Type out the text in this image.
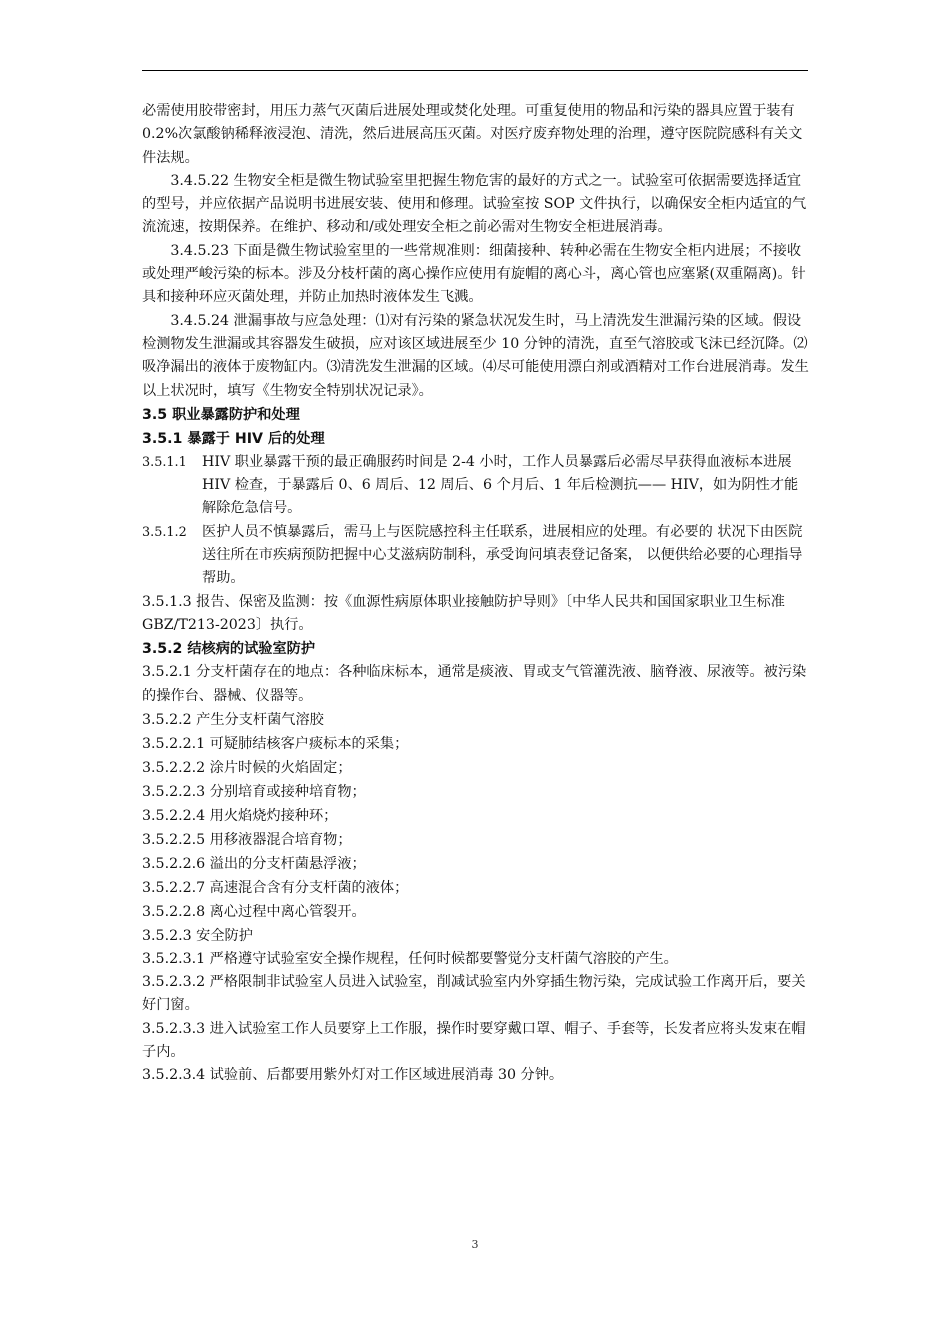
必需使用胶带密封，用压力蒸气灭菌后进展处理或焚化处理。可重复使用的物品和污染的器具应置于装有 0.2%次氯酸钠稀释液浸泡、清洗，然后进展高压灭菌。对医疗废弃物处理的治理，遵守医院院感科有关文件法规。

3.4.5.22 生物安全柜是微生物试验室里把握生物危害的最好的方式之一。试验室可依据需要选择适宜的型号，并应依据产品说明书进展安装、使用和修理。试验室按 SOP 文件执行，以确保安全柜内适宜的气流流速，按期保养。在维护、移动和/或处理安全柜之前必需对生物安全柜进展消毒。

3.4.5.23 下面是微生物试验室里的一些常规准则：细菌接种、转种必需在生物安全柜内进展；不接收或处理严峻污染的标本。涉及分枝杆菌的离心操作应使用有旋帽的离心斗，离心管也应塞紧(双重隔离)。针具和接种环应灭菌处理，并防止加热时液体发生飞溅。

3.4.5.24 泄漏事故与应急处理：⑴对有污染的紧急状况发生时，马上清洗发生泄漏污染的区域。假设检测物发生泄漏或其容器发生破损，应对该区域进展至少 10 分钟的清洗，直至气溶胶或飞沫已经沉降。⑵吸净漏出的液体于废物缸内。⑶清洗发生泄漏的区域。⑷尽可能使用漂白剂或酒精对工作台进展消毒。发生以上状况时，填写《生物安全特别状况记录》。

3.5 职业暴露防护和处理

3.5.1 暴露于 HIV 后的处理

3.5.1.1	HIV 职业暴露干预的最正确服药时间是 2-4 小时，工作人员暴露后必需尽早获得血液标本进展 HIV 检查，于暴露后 0、6 周后、12 周后、6 个月后、1 年后检测抗—— HIV，如为阴性才能解除危急信号。
3.5.1.2	医护人员不慎暴露后，需马上与医院感控科主任联系，进展相应的处理。有必要的 状况下由医院送往所在市疾病预防把握中心艾滋病防制科，承受询问填表登记备案， 以便供给必要的心理指导帮助。

3.5.1.3 报告、保密及监测：按《血源性病原体职业接触防护导则》〔中华人民共和国国家职业卫生标准 GBZ/T213-2023〕执行。

3.5.2 结核病的试验室防护

3.5.2.1 分支杆菌存在的地点：各种临床标本，通常是痰液、胃或支气管灌洗液、脑脊液、尿液等。被污染的操作台、器械、仪器等。

3.5.2.2 产生分支杆菌气溶胶

3.5.2.2.1 可疑肺结核客户痰标本的采集；

3.5.2.2.2 涂片时候的火焰固定；

3.5.2.2.3 分别培育或接种培育物；

3.5.2.2.4 用火焰烧灼接种环；

3.5.2.2.5 用移液器混合培育物；

3.5.2.2.6 溢出的分支杆菌悬浮液；

3.5.2.2.7 高速混合含有分支杆菌的液体；

3.5.2.2.8 离心过程中离心管裂开。

3.5.2.3 安全防护

3.5.2.3.1 严格遵守试验室安全操作规程，任何时候都要警觉分支杆菌气溶胶的产生。

3.5.2.3.2 严格限制非试验室人员进入试验室，削减试验室内外穿插生物污染，完成试验工作离开后，要关好门窗。

3.5.2.3.3 进入试验室工作人员要穿上工作服，操作时要穿戴口罩、帽子、手套等，长发者应将头发束在帽子内。

3.5.2.3.4 试验前、后都要用紫外灯对工作区域进展消毒 30 分钟。

3
